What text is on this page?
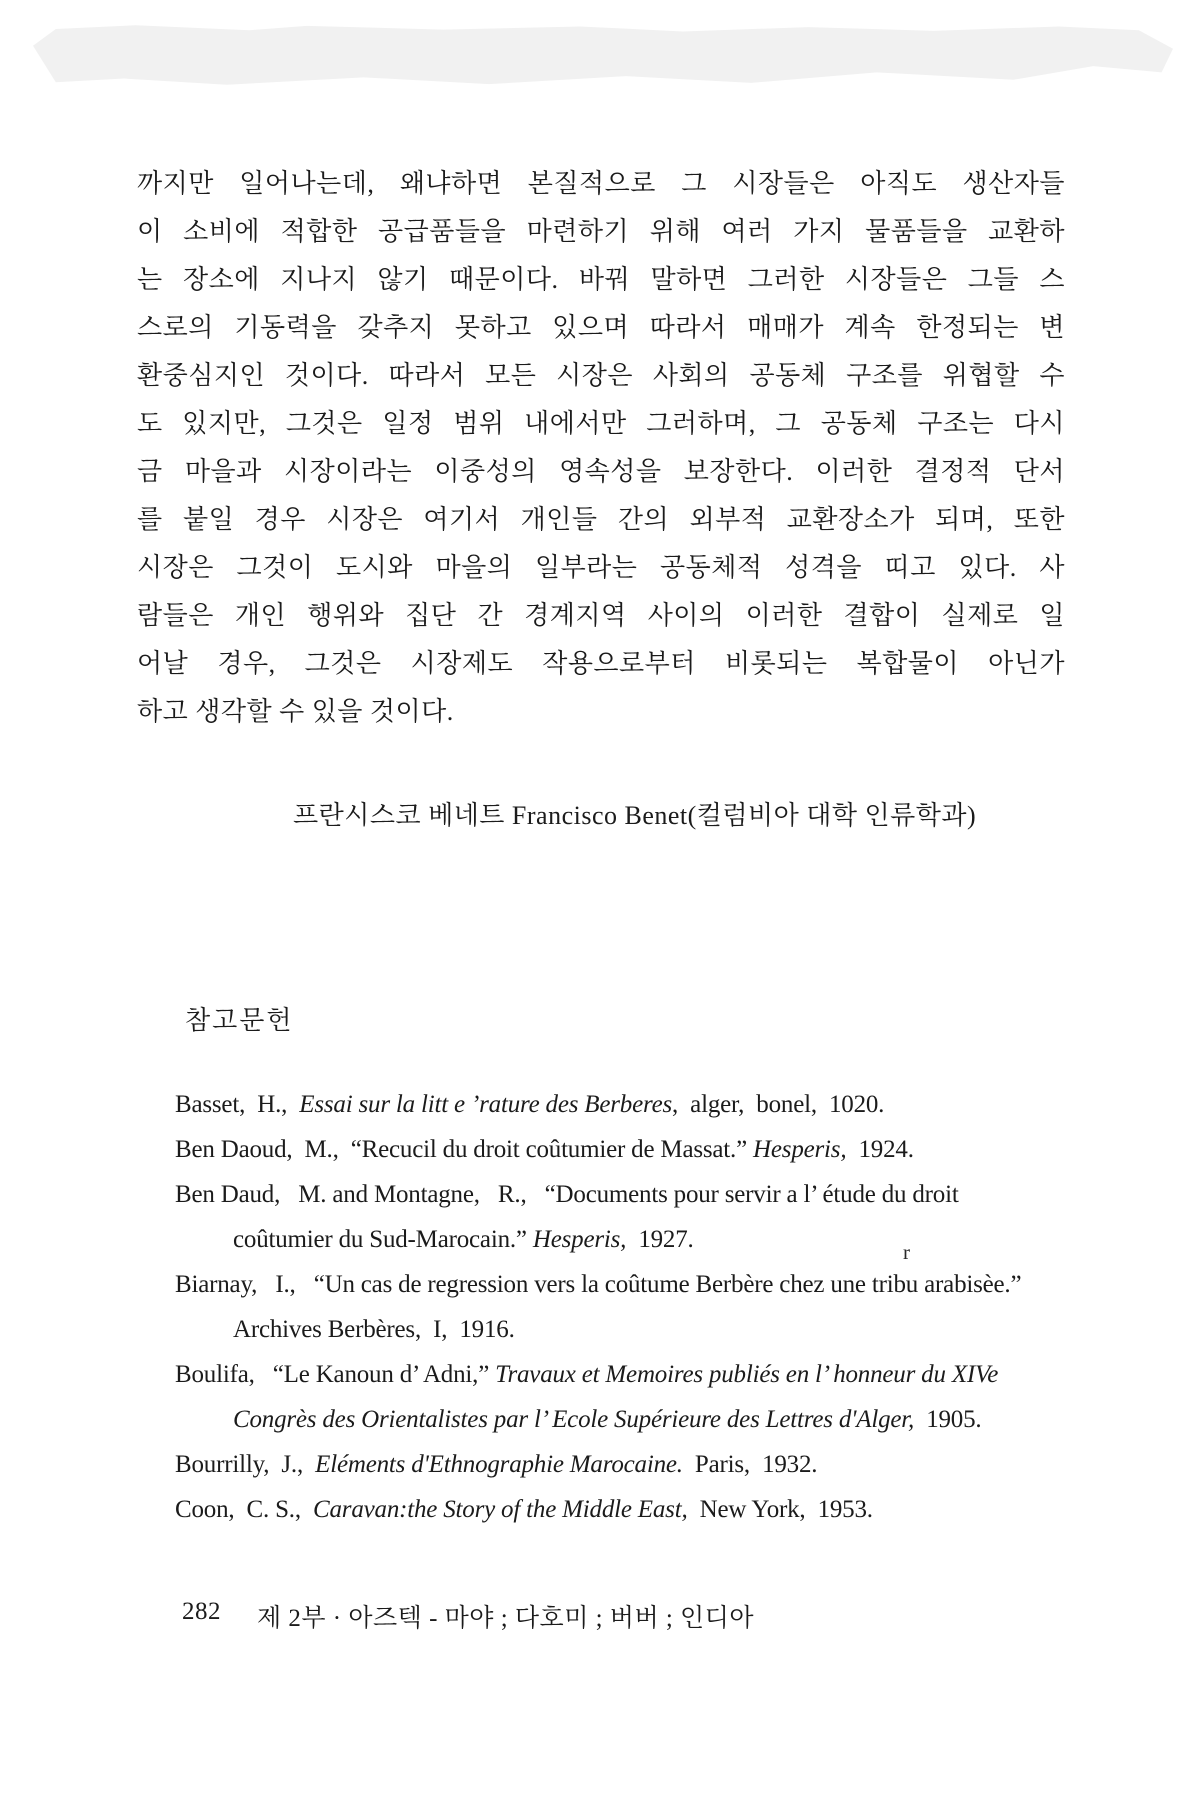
까지만 일어나는데, 왜냐하면 본질적으로 그 시장들은 아직도 생산자들
이 소비에 적합한 공급품들을 마련하기 위해 여러 가지 물품들을 교환하
는 장소에 지나지 않기 때문이다. 바꿔 말하면 그러한 시장들은 그들 스
스로의 기동력을 갖추지 못하고 있으며 따라서 매매가 계속 한정되는 변
환중심지인 것이다. 따라서 모든 시장은 사회의 공동체 구조를 위협할 수
도 있지만, 그것은 일정 범위 내에서만 그러하며, 그 공동체 구조는 다시
금 마을과 시장이라는 이중성의 영속성을 보장한다. 이러한 결정적 단서
를 붙일 경우 시장은 여기서 개인들 간의 외부적 교환장소가 되며, 또한
시장은 그것이 도시와 마을의 일부라는 공동체적 성격을 띠고 있다. 사
람들은 개인 행위와 집단 간 경계지역 사이의 이러한 결합이 실제로 일
어날 경우, 그것은 시장제도 작용으로부터 비롯되는 복합물이 아닌가
하고 생각할 수 있을 것이다.
프란시스코 베네트 Francisco Benet(컬럼비아 대학 인류학과)
참고문헌
Basset,  H.,  Essai sur la litt e ’rature des Berberes,  alger,  bonel,  1020.
Ben Daoud,  M.,  “Recucil du droit coûtumier de Massat.” Hesperis,  1924.
Ben Daud,   M. and Montagne,   R.,   “Documents pour servir a l’ étude du droit
coûtumier du Sud-Marocain.” Hesperis,  1927.
Biarnay,   I.,   “Un cas de regression vers la coûtume Berbère chez une tribu arabisèe.”
Archives Berbères,  I,  1916.
Boulifa,   “Le Kanoun d’ Adni,” Travaux et Memoires publiés en l’ honneur du XIVe
Congrès des Orientalistes par l’ Ecole Supérieure des Lettres d'Alger,  1905.
Bourrilly,  J.,  Eléments d'Ethnographie Marocaine.  Paris,  1932.
Coon,  C. S.,  Caravan:the Story of the Middle East,  New York,  1953.
r
282 제 2부 · 아즈텍 - 마야 ; 다호미 ; 버버 ; 인디아
